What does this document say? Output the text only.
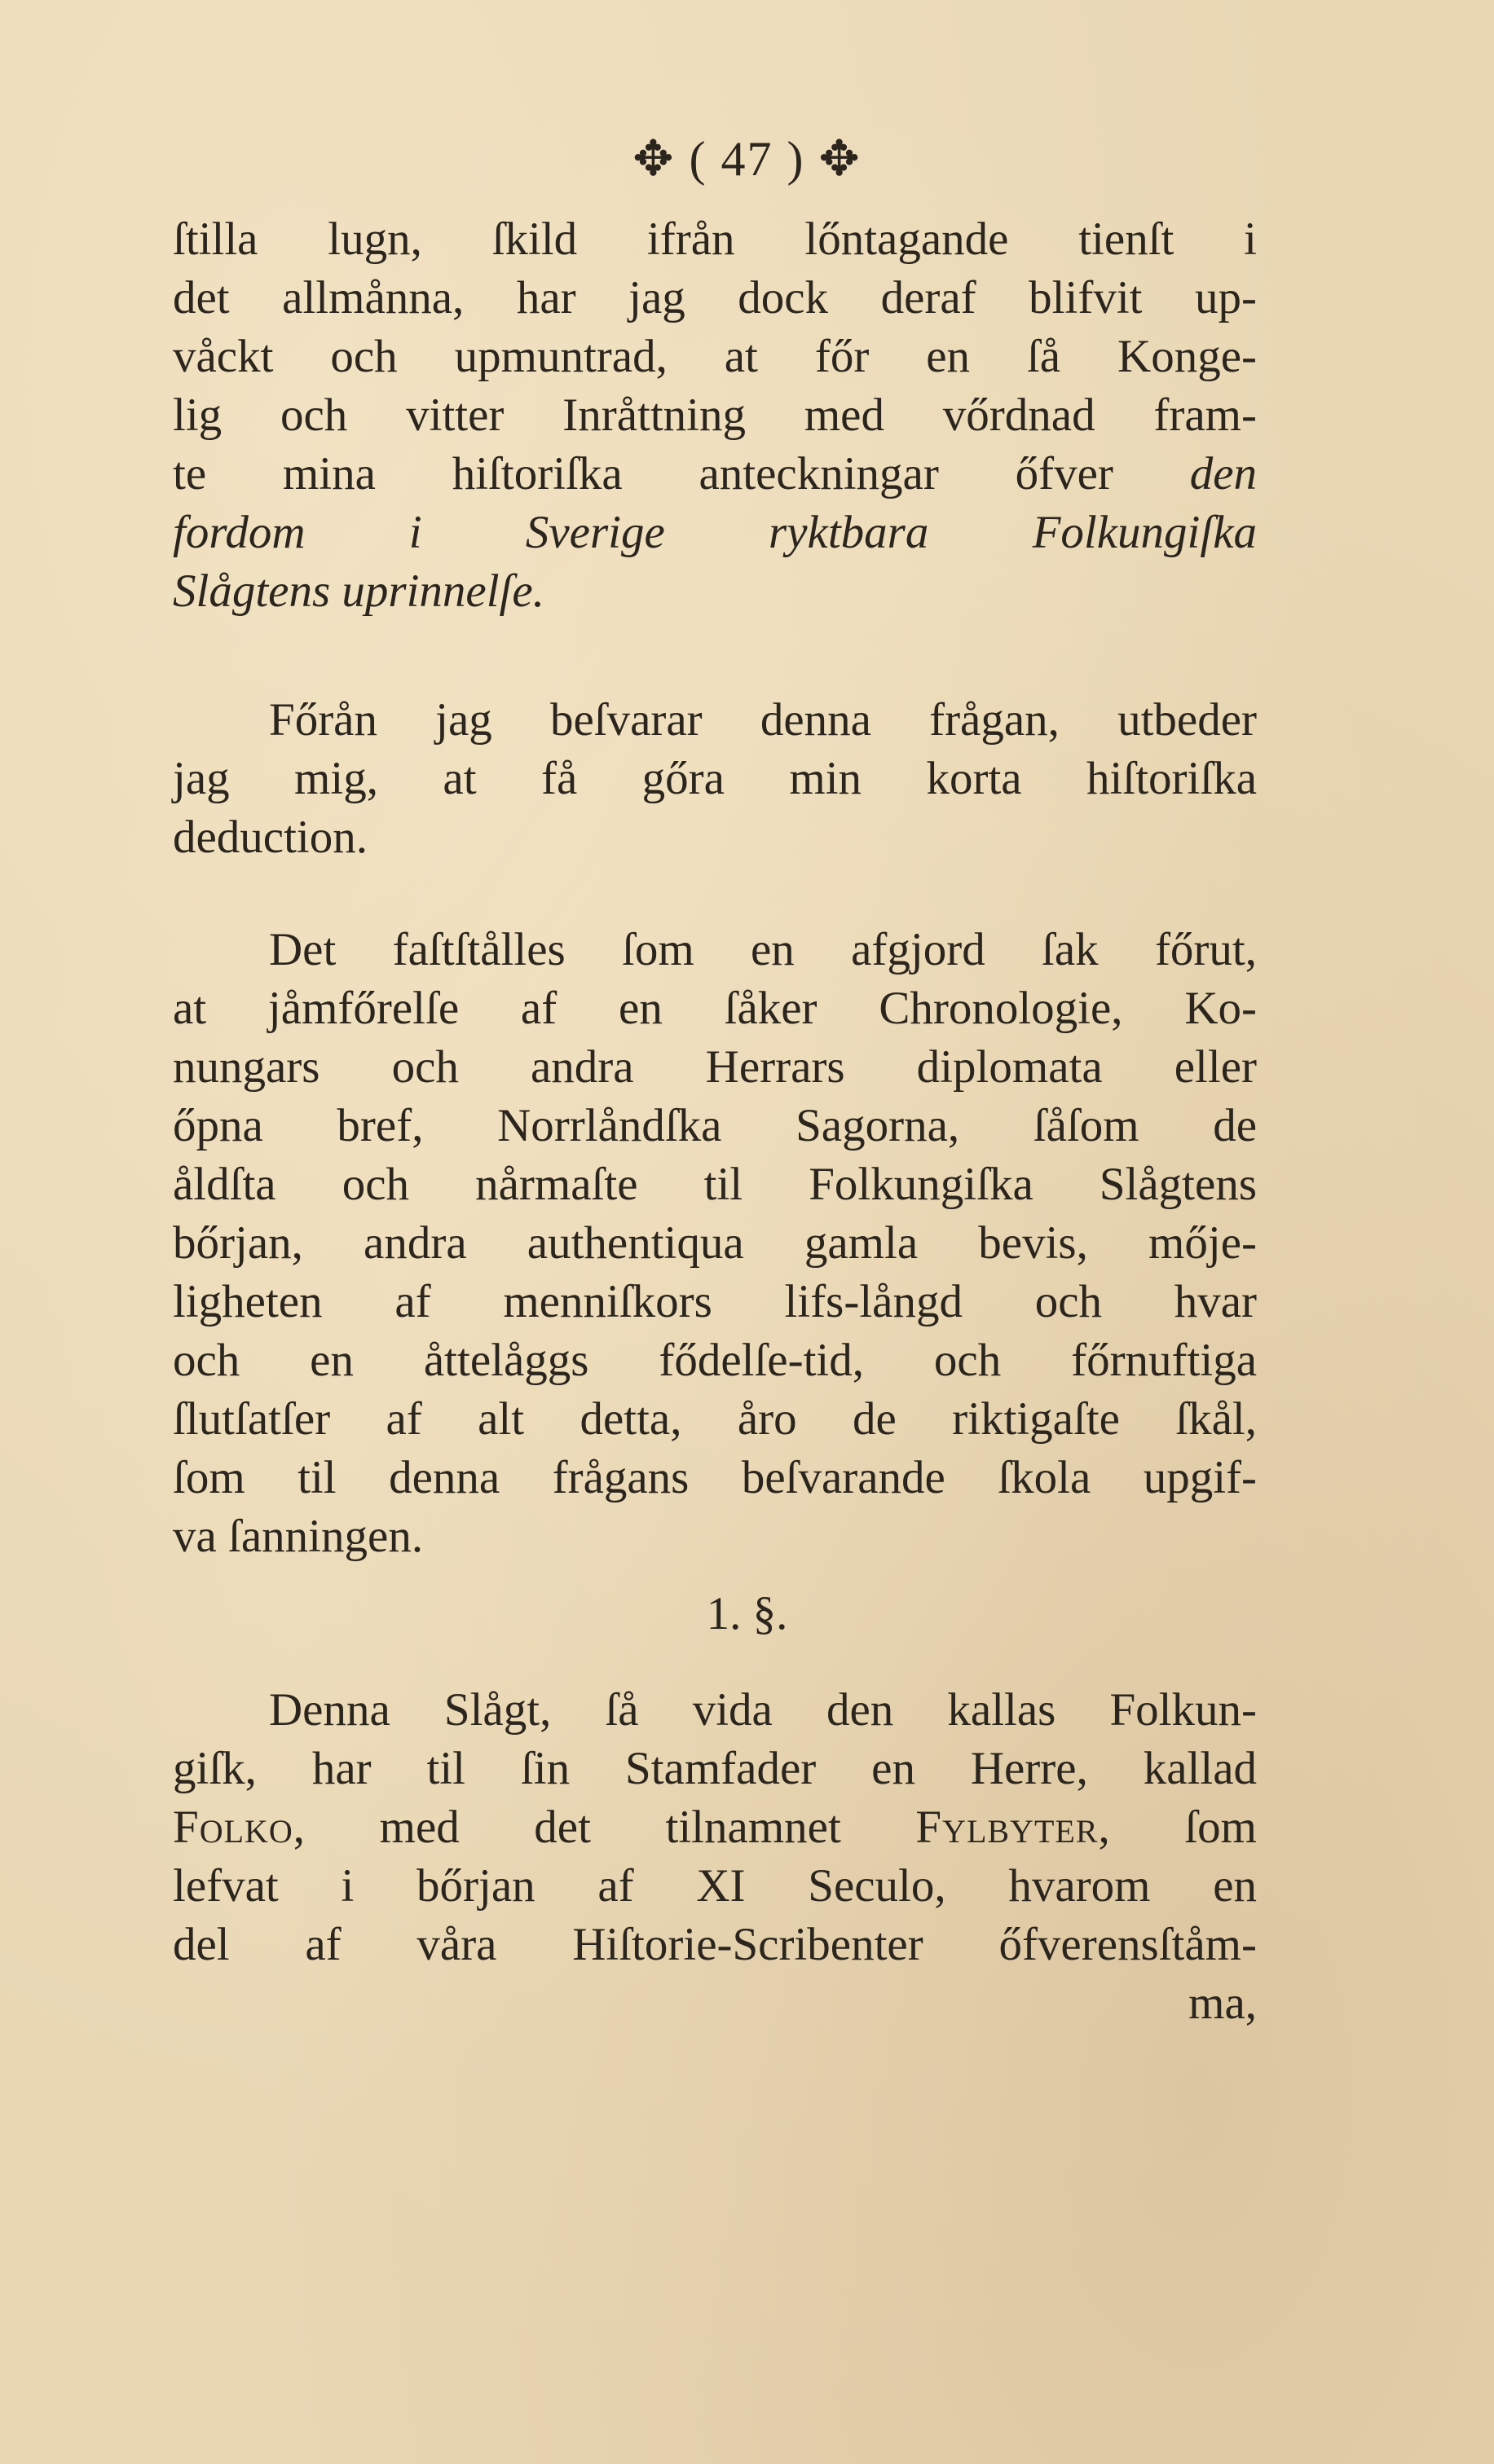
✥ ( 47 ) ✥
ſtilla lugn, ſkild ifrån lőntagande tienſt i
det allmånna, har jag dock deraf blifvit up-
våckt och upmuntrad, at főr en ſå Konge-
lig och vitter Inråttning med vőrdnad fram-
te mina hiſtoriſka anteckningar őfver den
fordom i Sverige ryktbara Folkungiſka
Slågtens uprinnelſe.
Főrån jag beſvarar denna frågan, utbeder
jag mig, at få gőra min korta hiſtoriſka
deduction.
Det faſtſtålles ſom en afgjord ſak főrut,
at jåmfőrelſe af en ſåker Chronologie, Ko-
nungars och andra Herrars diplomata eller
őpna bref, Norrlåndſka Sagorna, ſåſom de
åldſta och nårmaſte til Folkungiſka Slågtens
bőrjan, andra authentiqua gamla bevis, mője-
ligheten af menniſkors lifs-långd och hvar
och en åttelåggs fődelſe-tid, och főrnuftiga
ſlutſatſer af alt detta, åro de riktigaſte ſkål,
ſom til denna frågans beſvarande ſkola upgif-
va ſanningen.
1. §.
Denna Slågt, ſå vida den kallas Folkun-
giſk, har til ſin Stamfader en Herre, kallad
Folko, med det tilnamnet Fylbyter, ſom
lefvat i bőrjan af XI Seculo, hvarom en
del af våra Hiſtorie-Scribenter őfverensſtåm-
ma,
